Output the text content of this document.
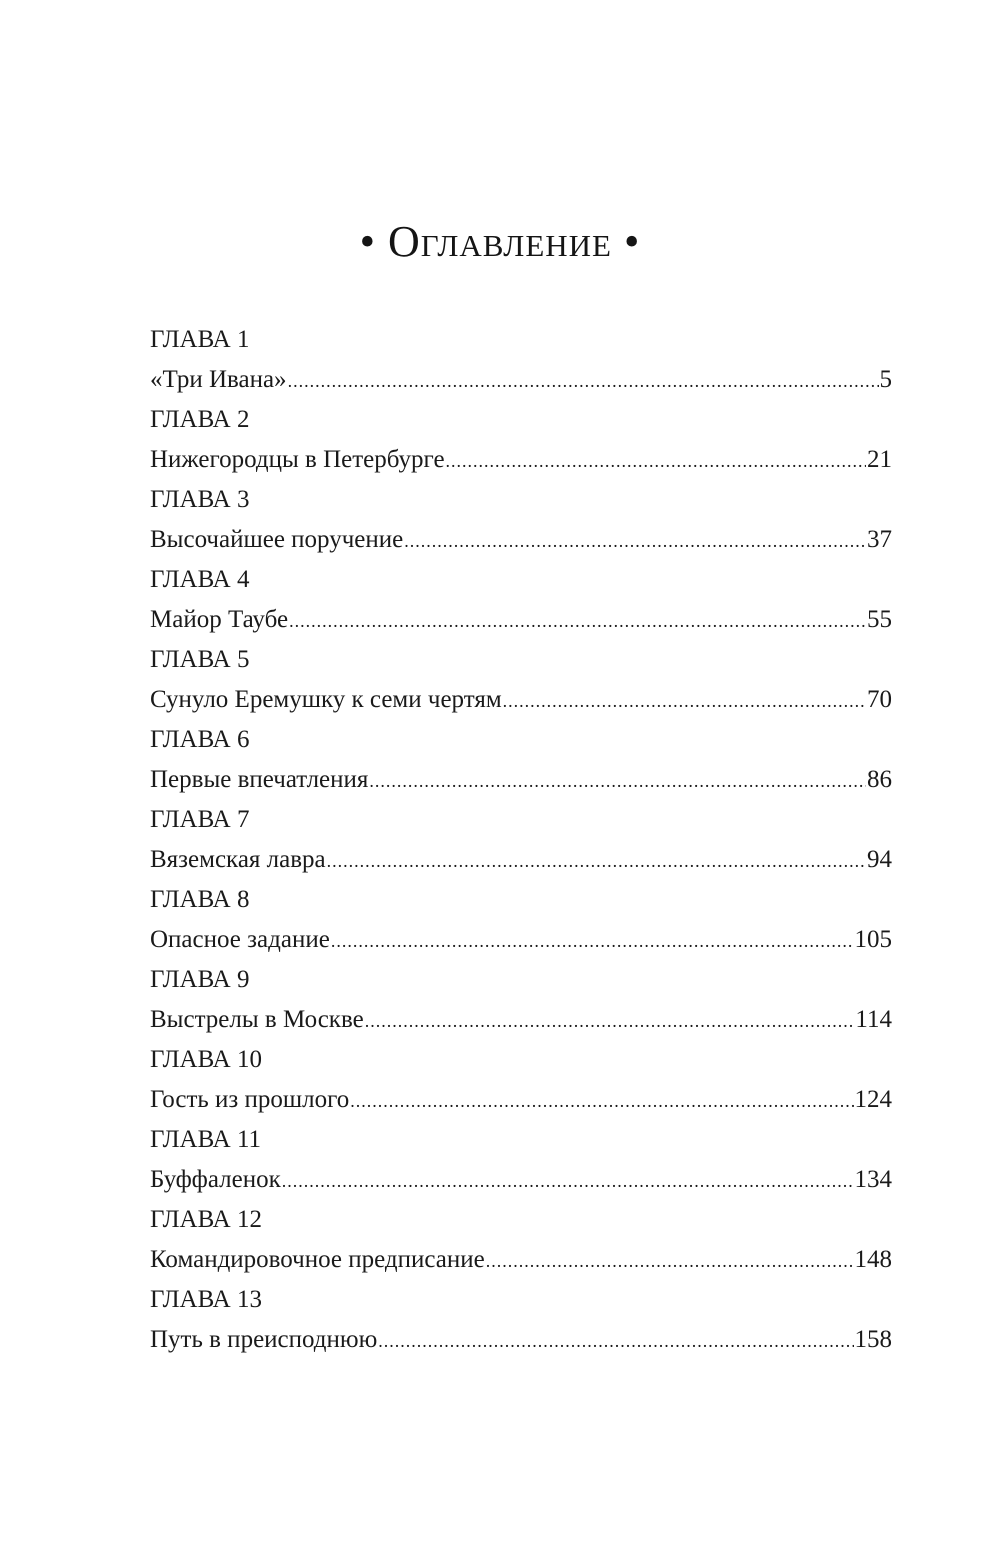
• Оглавление •
ГЛАВА 1
«Три Ивана» .....	5
ГЛАВА 2
Нижегородцы в Петербурге .....	21
ГЛАВА 3
Высочайшее поручение .....	37
ГЛАВА 4
Майор Таубе .....	55
ГЛАВА 5
Сунуло Еремушку к семи чертям .....	70
ГЛАВА 6
Первые впечатления .....	86
ГЛАВА 7
Вяземская лавра .....	94
ГЛАВА 8
Опасное задание .....	105
ГЛАВА 9
Выстрелы в Москве .....	114
ГЛАВА 10
Гость из прошлого .....	124
ГЛАВА 11
Буффаленок .....	134
ГЛАВА 12
Командировочное предписание .....	148
ГЛАВА 13
Путь в преисподнюю .....	158
